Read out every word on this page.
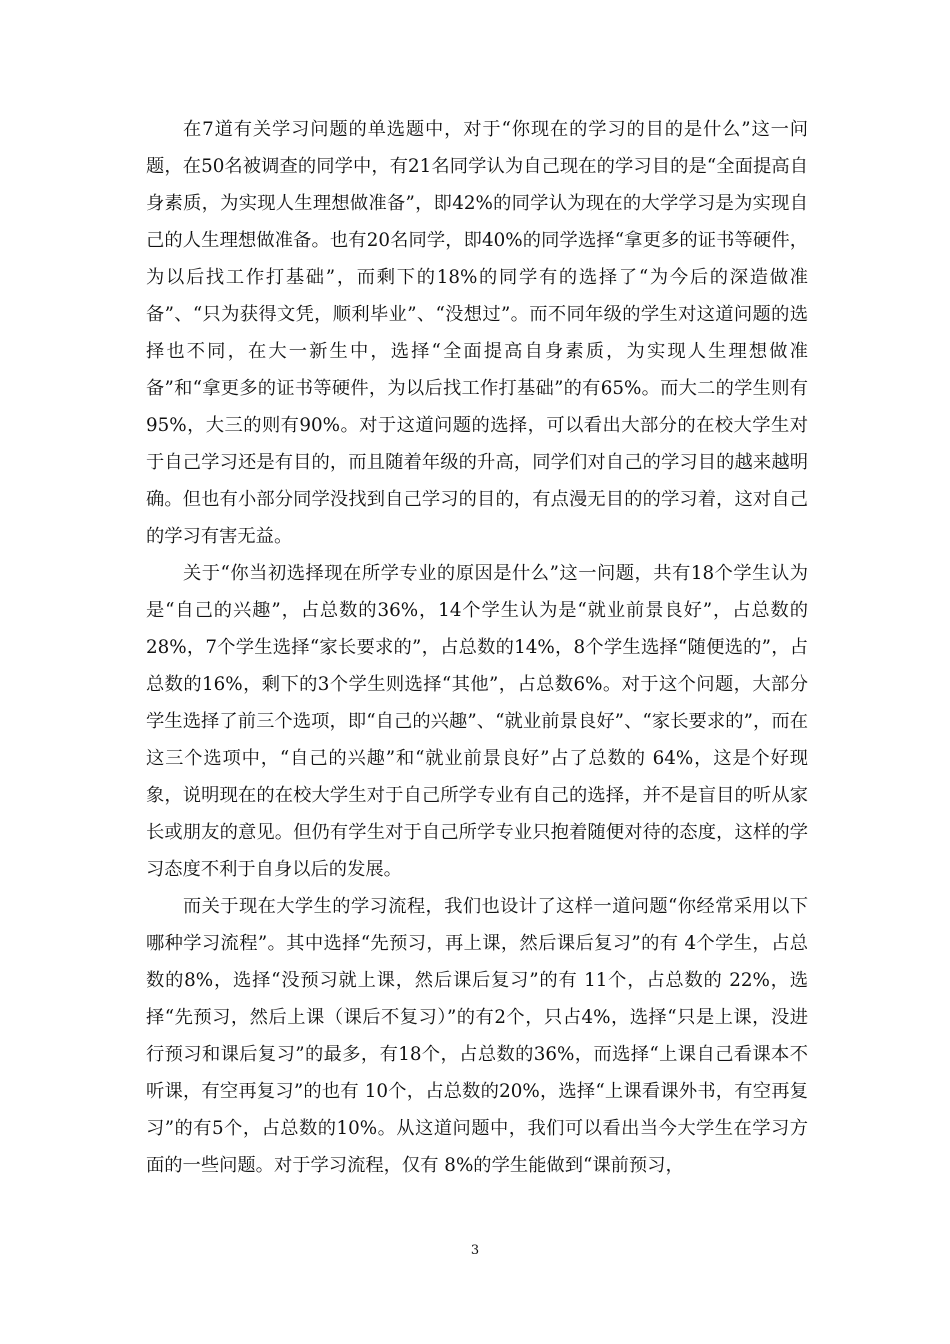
在7道有关学习问题的单选题中，对于“你现在的学习的目的是什么”这一问题，在50名被调查的同学中，有21名同学认为自己现在的学习目的是“全面提高自身素质，为实现人生理想做准备”，即42%的同学认为现在的大学学习是为实现自己的人生理想做准备。也有20名同学，即40%的同学选择“拿更多的证书等硬件，为以后找工作打基础”，而剩下的18%的同学有的选择了“为今后的深造做准备”、“只为获得文凭，顺利毕业”、“没想过”。而不同年级的学生对这道问题的选择也不同，在大一新生中，选择“全面提高自身素质，为实现人生理想做准备”和“拿更多的证书等硬件，为以后找工作打基础”的有65%。而大二的学生则有95%，大三的则有90%。对于这道问题的选择，可以看出大部分的在校大学生对于自己学习还是有目的，而且随着年级的升高，同学们对自己的学习目的越来越明确。但也有小部分同学没找到自己学习的目的，有点漫无目的的学习着，这对自己的学习有害无益。

关于“你当初选择现在所学专业的原因是什么”这一问题，共有18个学生认为是“自己的兴趣”，占总数的36%，14个学生认为是“就业前景良好”，占总数的28%，7个学生选择“家长要求的”，占总数的14%，8个学生选择“随便选的”，占总数的16%，剩下的3个学生则选择“其他”，占总数6%。对于这个问题，大部分学生选择了前三个选项，即“自己的兴趣”、“就业前景良好”、“家长要求的”，而在这三个选项中，“自己的兴趣”和“就业前景良好”占了总数的 64%，这是个好现象，说明现在的在校大学生对于自己所学专业有自己的选择，并不是盲目的听从家长或朋友的意见。但仍有学生对于自己所学专业只抱着随便对待的态度，这样的学习态度不利于自身以后的发展。

而关于现在大学生的学习流程，我们也设计了这样一道问题“你经常采用以下哪种学习流程”。其中选择“先预习，再上课，然后课后复习”的有 4个学生，占总数的8%，选择“没预习就上课，然后课后复习”的有 11个，占总数的 22%，选择“先预习，然后上课（课后不复习）”的有2个，只占4%，选择“只是上课，没进行预习和课后复习”的最多，有18个，占总数的36%，而选择“上课自己看课本不听课，有空再复习”的也有 10个，占总数的20%，选择“上课看课外书，有空再复习”的有5个，占总数的10%。从这道问题中，我们可以看出当今大学生在学习方面的一些问题。对于学习流程，仅有 8%的学生能做到“课前预习，

3
